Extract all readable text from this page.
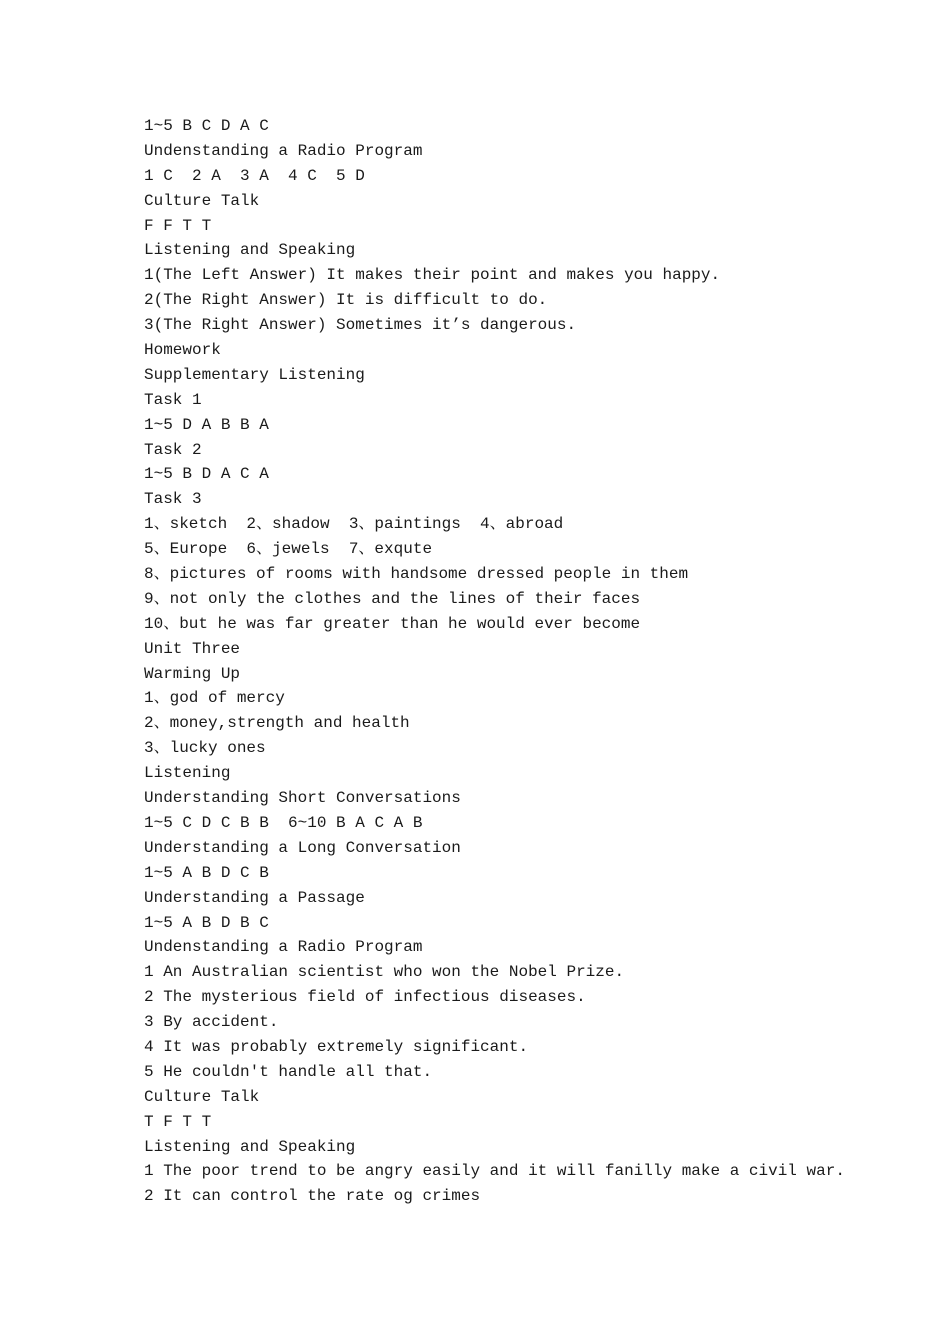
1~5 B C D A C
Undenstanding a Radio Program
1 C  2 A  3 A  4 C  5 D
Culture Talk
F F T T
Listening and Speaking
1(The Left Answer) It makes their point and makes you happy.
2(The Right Answer) It is difficult to do.
3(The Right Answer) Sometimes it’s dangerous.
Homework
Supplementary Listening
Task 1
1~5 D A B B A
Task 2
1~5 B D A C A
Task 3
1、sketch  2、shadow  3、paintings  4、abroad
5、Europe  6、jewels  7、exqute
8、pictures of rooms with handsome dressed people in them
9、not only the clothes and the lines of their faces
10、but he was far greater than he would ever become
Unit Three
Warming Up
1、god of mercy
2、money,strength and health
3、lucky ones
Listening
Understanding Short Conversations
1~5 C D C B B  6~10 B A C A B
Understanding a Long Conversation
1~5 A B D C B
Understanding a Passage
1~5 A B D B C
Undenstanding a Radio Program
1 An Australian scientist who won the Nobel Prize.
2 The mysterious field of infectious diseases.
3 By accident.
4 It was probably extremely significant.
5 He couldn't handle all that.
Culture Talk
T F T T
Listening and Speaking
1 The poor trend to be angry easily and it will fanilly make a civil war.
2 It can control the rate og crimes
